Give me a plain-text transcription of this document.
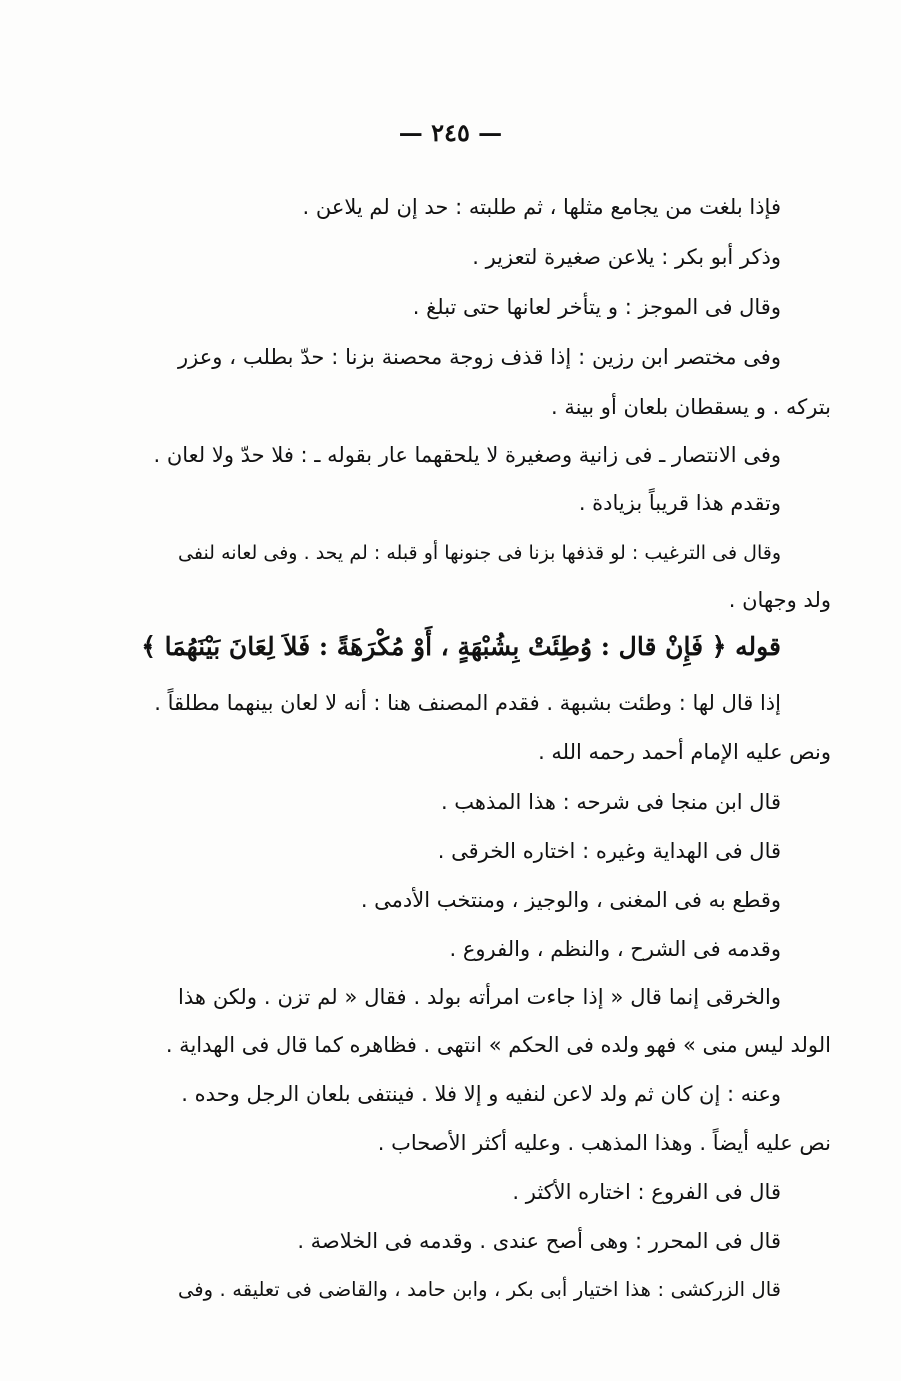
— ٢٤٥ —
فإذا بلغت من يجامع مثلها ، ثم طلبته : حد إن لم يلاعن .
وذكر أبو بكر : يلاعن صغيرة لتعزير .
وقال فى الموجز : و يتأخر لعانها حتى تبلغ .
وفى مختصر ابن رزين : إذا قذف زوجة محصنة بزنا : حدّ بطلب ، وعزر
بتركه . و يسقطان بلعان أو بينة .
وفى الانتصار ـ فى زانية وصغيرة لا يلحقهما عار بقوله ـ : فلا حدّ ولا لعان .
وتقدم هذا قريباً بزيادة .
وقال فى الترغيب : لو قذفها بزنا فى جنونها أو قبله : لم يحد . وفى لعانه لنفى
ولد وجهان .
قوله ﴿ فَإِنْ قال : وُطِئَتْ بِشُبْهَةٍ ، أَوْ مُكْرَهَةً : فَلاَ لِعَانَ بَيْنَهُمَا ﴾
إذا قال لها : وطئت بشبهة . فقدم المصنف هنا : أنه لا لعان بينهما مطلقاً .
ونص عليه الإمام أحمد رحمه الله .
قال ابن منجا فى شرحه : هذا المذهب .
قال فى الهداية وغيره : اختاره الخرقى .
وقطع به فى المغنى ، والوجيز ، ومنتخب الأدمى .
وقدمه فى الشرح ، والنظم ، والفروع .
والخرقى إنما قال « إذا جاءت امرأته بولد . فقال « لم تزن . ولكن هذا
الولد ليس منى » فهو ولده فى الحكم » انتهى . فظاهره كما قال فى الهداية .
وعنه : إن كان ثم ولد لاعن لنفيه و إلا فلا . فينتفى بلعان الرجل وحده .
نص عليه أيضاً . وهذا المذهب . وعليه أكثر الأصحاب .
قال فى الفروع : اختاره الأكثر .
قال فى المحرر : وهى أصح عندى . وقدمه فى الخلاصة .
قال الزركشى : هذا اختيار أبى بكر ، وابن حامد ، والقاضى فى تعليقه . وفى
